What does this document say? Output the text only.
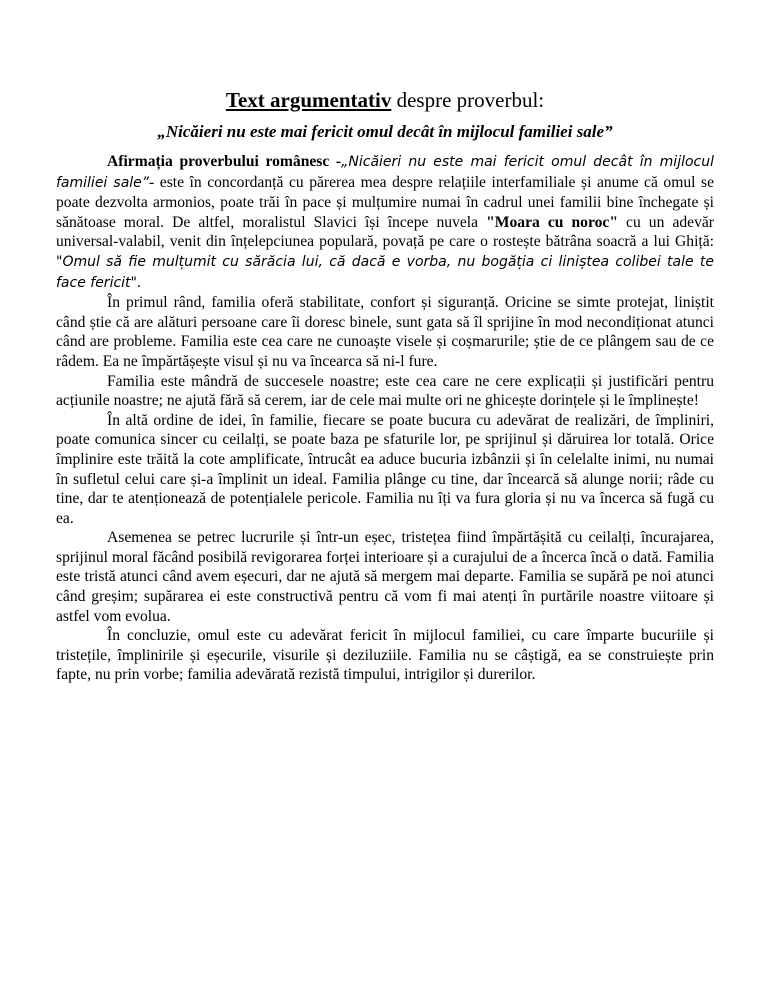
Text argumentativ despre proverbul:

„Nicăieri nu este mai fericit omul decât în mijlocul familiei sale”

Afirmația proverbului românesc -„Nicăieri nu este mai fericit omul decât în mijlocul familiei sale”- este în concordanță cu părerea mea despre relațiile interfamiliale și anume că omul se poate dezvolta armonios, poate trăi în pace și mulțumire numai în cadrul unei familii bine închegate și sănătoase moral. De altfel, moralistul Slavici își începe nuvela "Moara cu noroc" cu un adevăr universal-valabil, venit din înțelepciunea populară, povață pe care o rostește bătrâna soacră a lui Ghiță: "Omul să fie mulțumit cu sărăcia lui, că dacă e vorba, nu bogăția ci liniștea colibei tale te face fericit".

În primul rând, familia oferă stabilitate, confort și siguranță. Oricine se simte protejat, liniștit când știe că are alături persoane care îi doresc binele, sunt gata să îl sprijine în mod necondiționat atunci când are probleme. Familia este cea care ne cunoaște visele și coșmarurile; știe de ce plângem sau de ce râdem. Ea ne împărtășește visul și nu va încearca să ni-l fure.

Familia este mândră de succesele noastre; este cea care ne cere explicații și justificări pentru acțiunile noastre; ne ajută fără să cerem, iar de cele mai multe ori ne ghicește dorințele și le împlinește!

În altă ordine de idei, în familie, fiecare se poate bucura cu adevărat de realizări, de împliniri, poate comunica sincer cu ceilalți, se poate baza pe sfaturile lor, pe sprijinul și dăruirea lor totală. Orice împlinire este trăită la cote amplificate, întrucât ea aduce bucuria izbânzii și în celelalte inimi, nu numai în sufletul celui care și-a împlinit un ideal. Familia plânge cu tine, dar încearcă să alunge norii; râde cu tine, dar te atenționează de potențialele pericole. Familia nu îți va fura gloria și nu va încerca să fugă cu ea.

Asemenea se petrec lucrurile și într-un eșec, tristețea fiind împărtășită cu ceilalți, încurajarea, sprijinul moral făcând posibilă revigorarea forței interioare și a curajului de a încerca încă o dată. Familia este tristă atunci când avem eșecuri, dar ne ajută să mergem mai departe. Familia se supără pe noi atunci când greșim; supărarea ei este constructivă pentru că vom fi mai atenți în purtările noastre viitoare și astfel vom evolua.

În concluzie, omul este cu adevărat fericit în mijlocul familiei, cu care împarte bucuriile și tristețile, împlinirile și eșecurile, visurile și deziluziile. Familia nu se câștigă, ea se construiește prin fapte, nu prin vorbe; familia adevărată rezistă timpului, intrigilor și durerilor.
